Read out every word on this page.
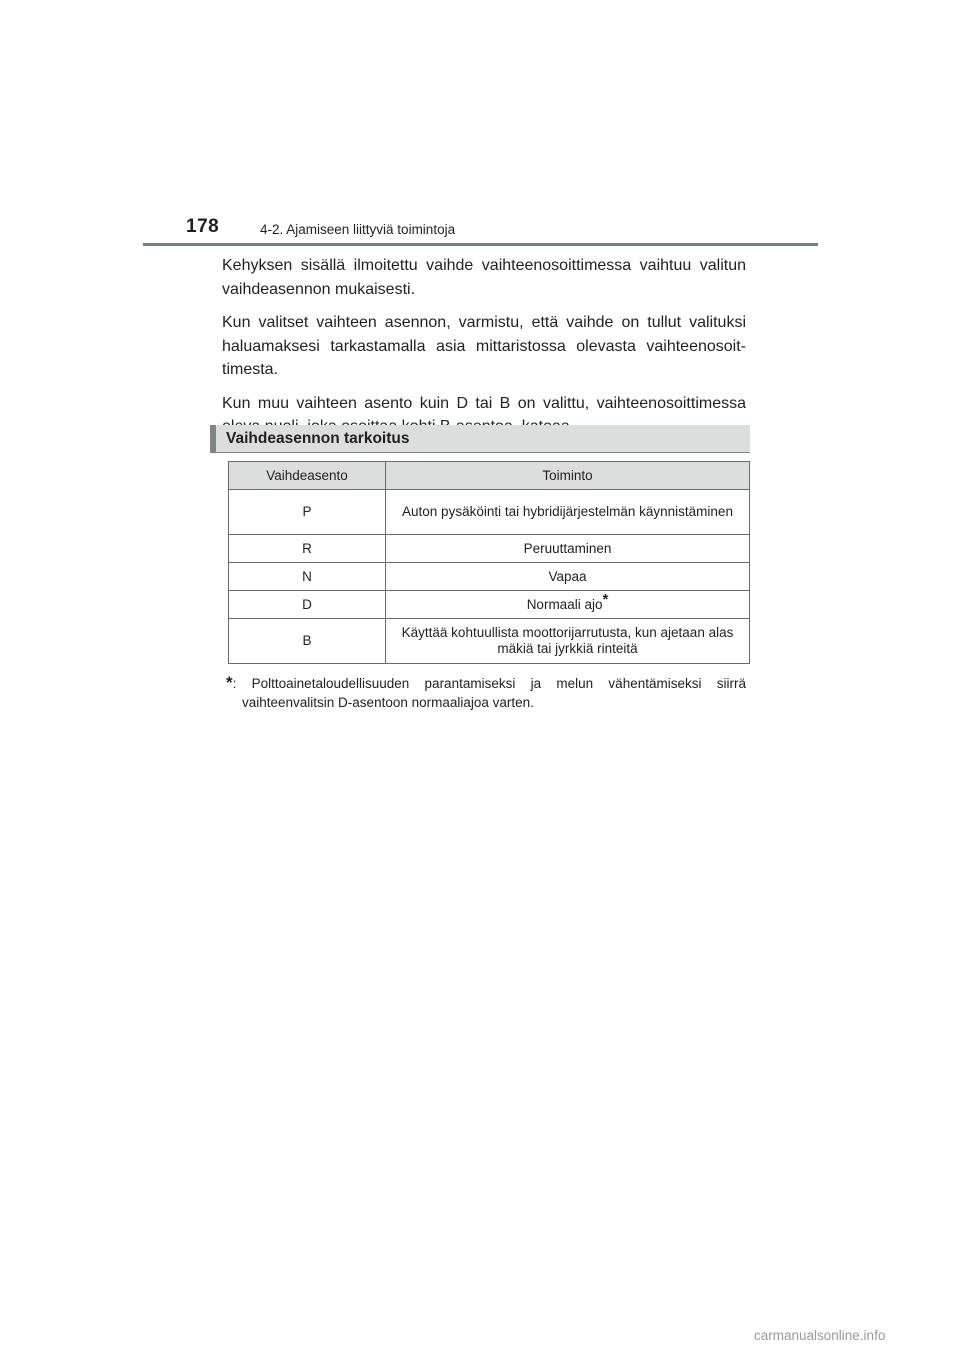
178	4-2. Ajamiseen liittyviä toimintoja

Kehyksen sisällä ilmoitettu vaihde vaihteenosoittimessa vaihtuu valitun vaihdeasennon mukaisesti.

Kun valitset vaihteen asennon, varmistu, että vaihde on tullut valituksi haluamaksesi tarkastamalla asia mittaristossa olevasta vaihteenosoit- timesta.

Kun muu vaihteen asento kuin D tai B on valittu, vaihteenosoittimessa

Vaihdeasennon tarkoitus
Vaihdeasento	Toiminto
P	Auton pysäköinti tai hybridijärjestelmän käynnistäminen
R	Peruuttaminen
N	Vapaa
D	Normaali ajo*
B	Käyttää kohtuullista moottorijarrutusta, kun ajetaan alas mäkiä tai jyrkkiä rinteitä
*: Polttoainetaloudellisuuden parantamiseksi ja melun vähentämiseksi siirrä vaihteenvalitsin D-asentoon normaaliajoa varten.
carmanualsonline.info
